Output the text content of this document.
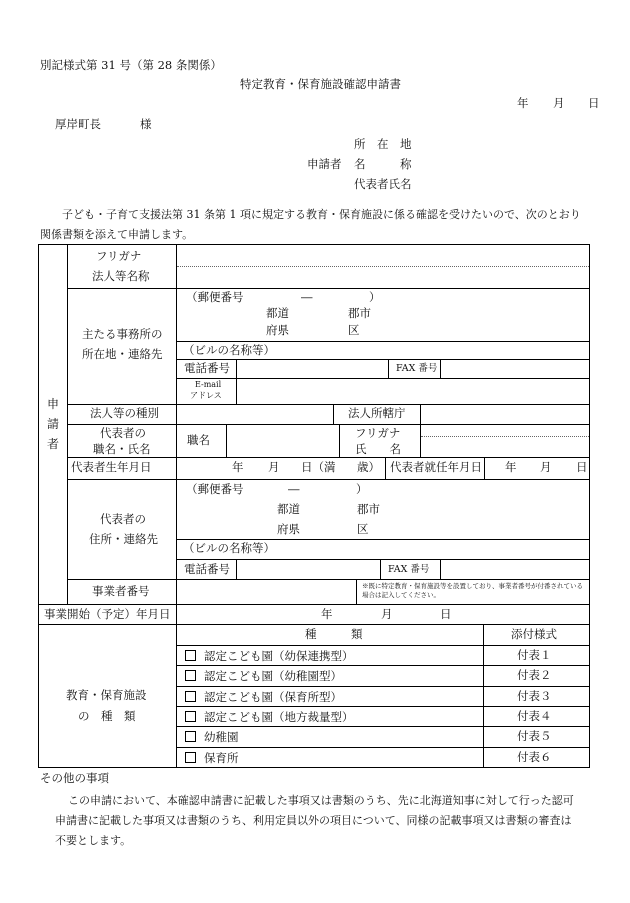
別記様式第 31 号（第 28 条関係）
特定教育・保育施設確認申請書
年 月 日
厚岸町長	様
所　在　地
申請者 名　　　称
代表者氏名
子ども・子育て支援法第 31 条第 1 項に規定する教育・保育施設に係る確認を受けたいので、次のとおり
関係書類を添えて申請します。
申請者
フリガナ
法人等名称
主たる事務所の
所在地・連絡先
（郵便番号	―	）
都道	郡市
府県	区
（ビルの名称等）
電話番号	FAX 番号
E-mail
アドレス
法人等の種別	法人所轄庁
代表者の
職名・氏名
職名	フリガナ
氏　　名
代表者生年月日	年 月 日（満 歳） 代表者就任年月日 年 月 日
代表者の
住所・連絡先
（郵便番号	―	）
都道	郡市
府県	区
（ビルの名称等）
電話番号	FAX 番号
事業者番号	※既に特定教育・保育施設等を設置しており、事業者番号が付番されている場合は記入してください。
事業開始（予定）年月日	年	月	日
教育・保育施設
の　種　類
種　　　類	添付様式
認定こども園（幼保連携型）	付表１
認定こども園（幼稚園型）	付表２
認定こども園（保育所型）	付表３
認定こども園（地方裁量型）	付表４
幼稚園	付表５
保育所	付表６
その他の事項
この申請において、本確認申請書に記載した事項又は書類のうち、先に北海道知事に対して行った認可
申請書に記載した事項又は書類のうち、利用定員以外の項目について、同様の記載事項又は書類の審査は
不要とします。
